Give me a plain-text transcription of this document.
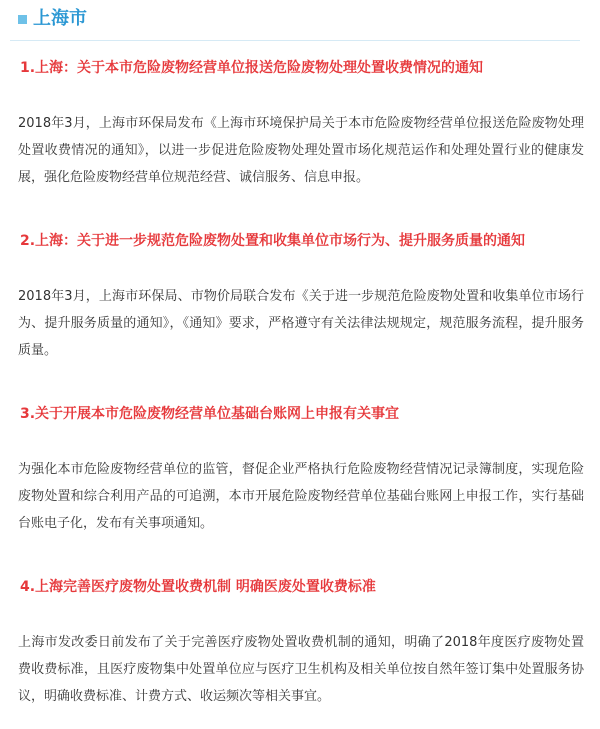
上海市
1.上海：关于本市危险废物经营单位报送危险废物处理处置收费情况的通知
2018年3月，上海市环保局发布《上海市环境保护局关于本市危险废物经营单位报送危险废物处理处置收费情况的通知》，以进一步促进危险废物处理处置市场化规范运作和处理处置行业的健康发展，强化危险废物经营单位规范经营、诚信服务、信息申报。
2.上海：关于进一步规范危险废物处置和收集单位市场行为、提升服务质量的通知
2018年3月，上海市环保局、市物价局联合发布《关于进一步规范危险废物处置和收集单位市场行为、提升服务质量的通知》，《通知》要求，严格遵守有关法律法规规定，规范服务流程，提升服务质量。
3.关于开展本市危险废物经营单位基础台账网上申报有关事宜
为强化本市危险废物经营单位的监管，督促企业严格执行危险废物经营情况记录簿制度，实现危险废物处置和综合利用产品的可追溯，本市开展危险废物经营单位基础台账网上申报工作，实行基础台账电子化，发布有关事项通知。
4.上海完善医疗废物处置收费机制 明确医废处置收费标准
上海市发改委日前发布了关于完善医疗废物处置收费机制的通知，明确了2018年度医疗废物处置费收费标准，且医疗废物集中处置单位应与医疗卫生机构及相关单位按自然年签订集中处置服务协议，明确收费标准、计费方式、收运频次等相关事宜。
